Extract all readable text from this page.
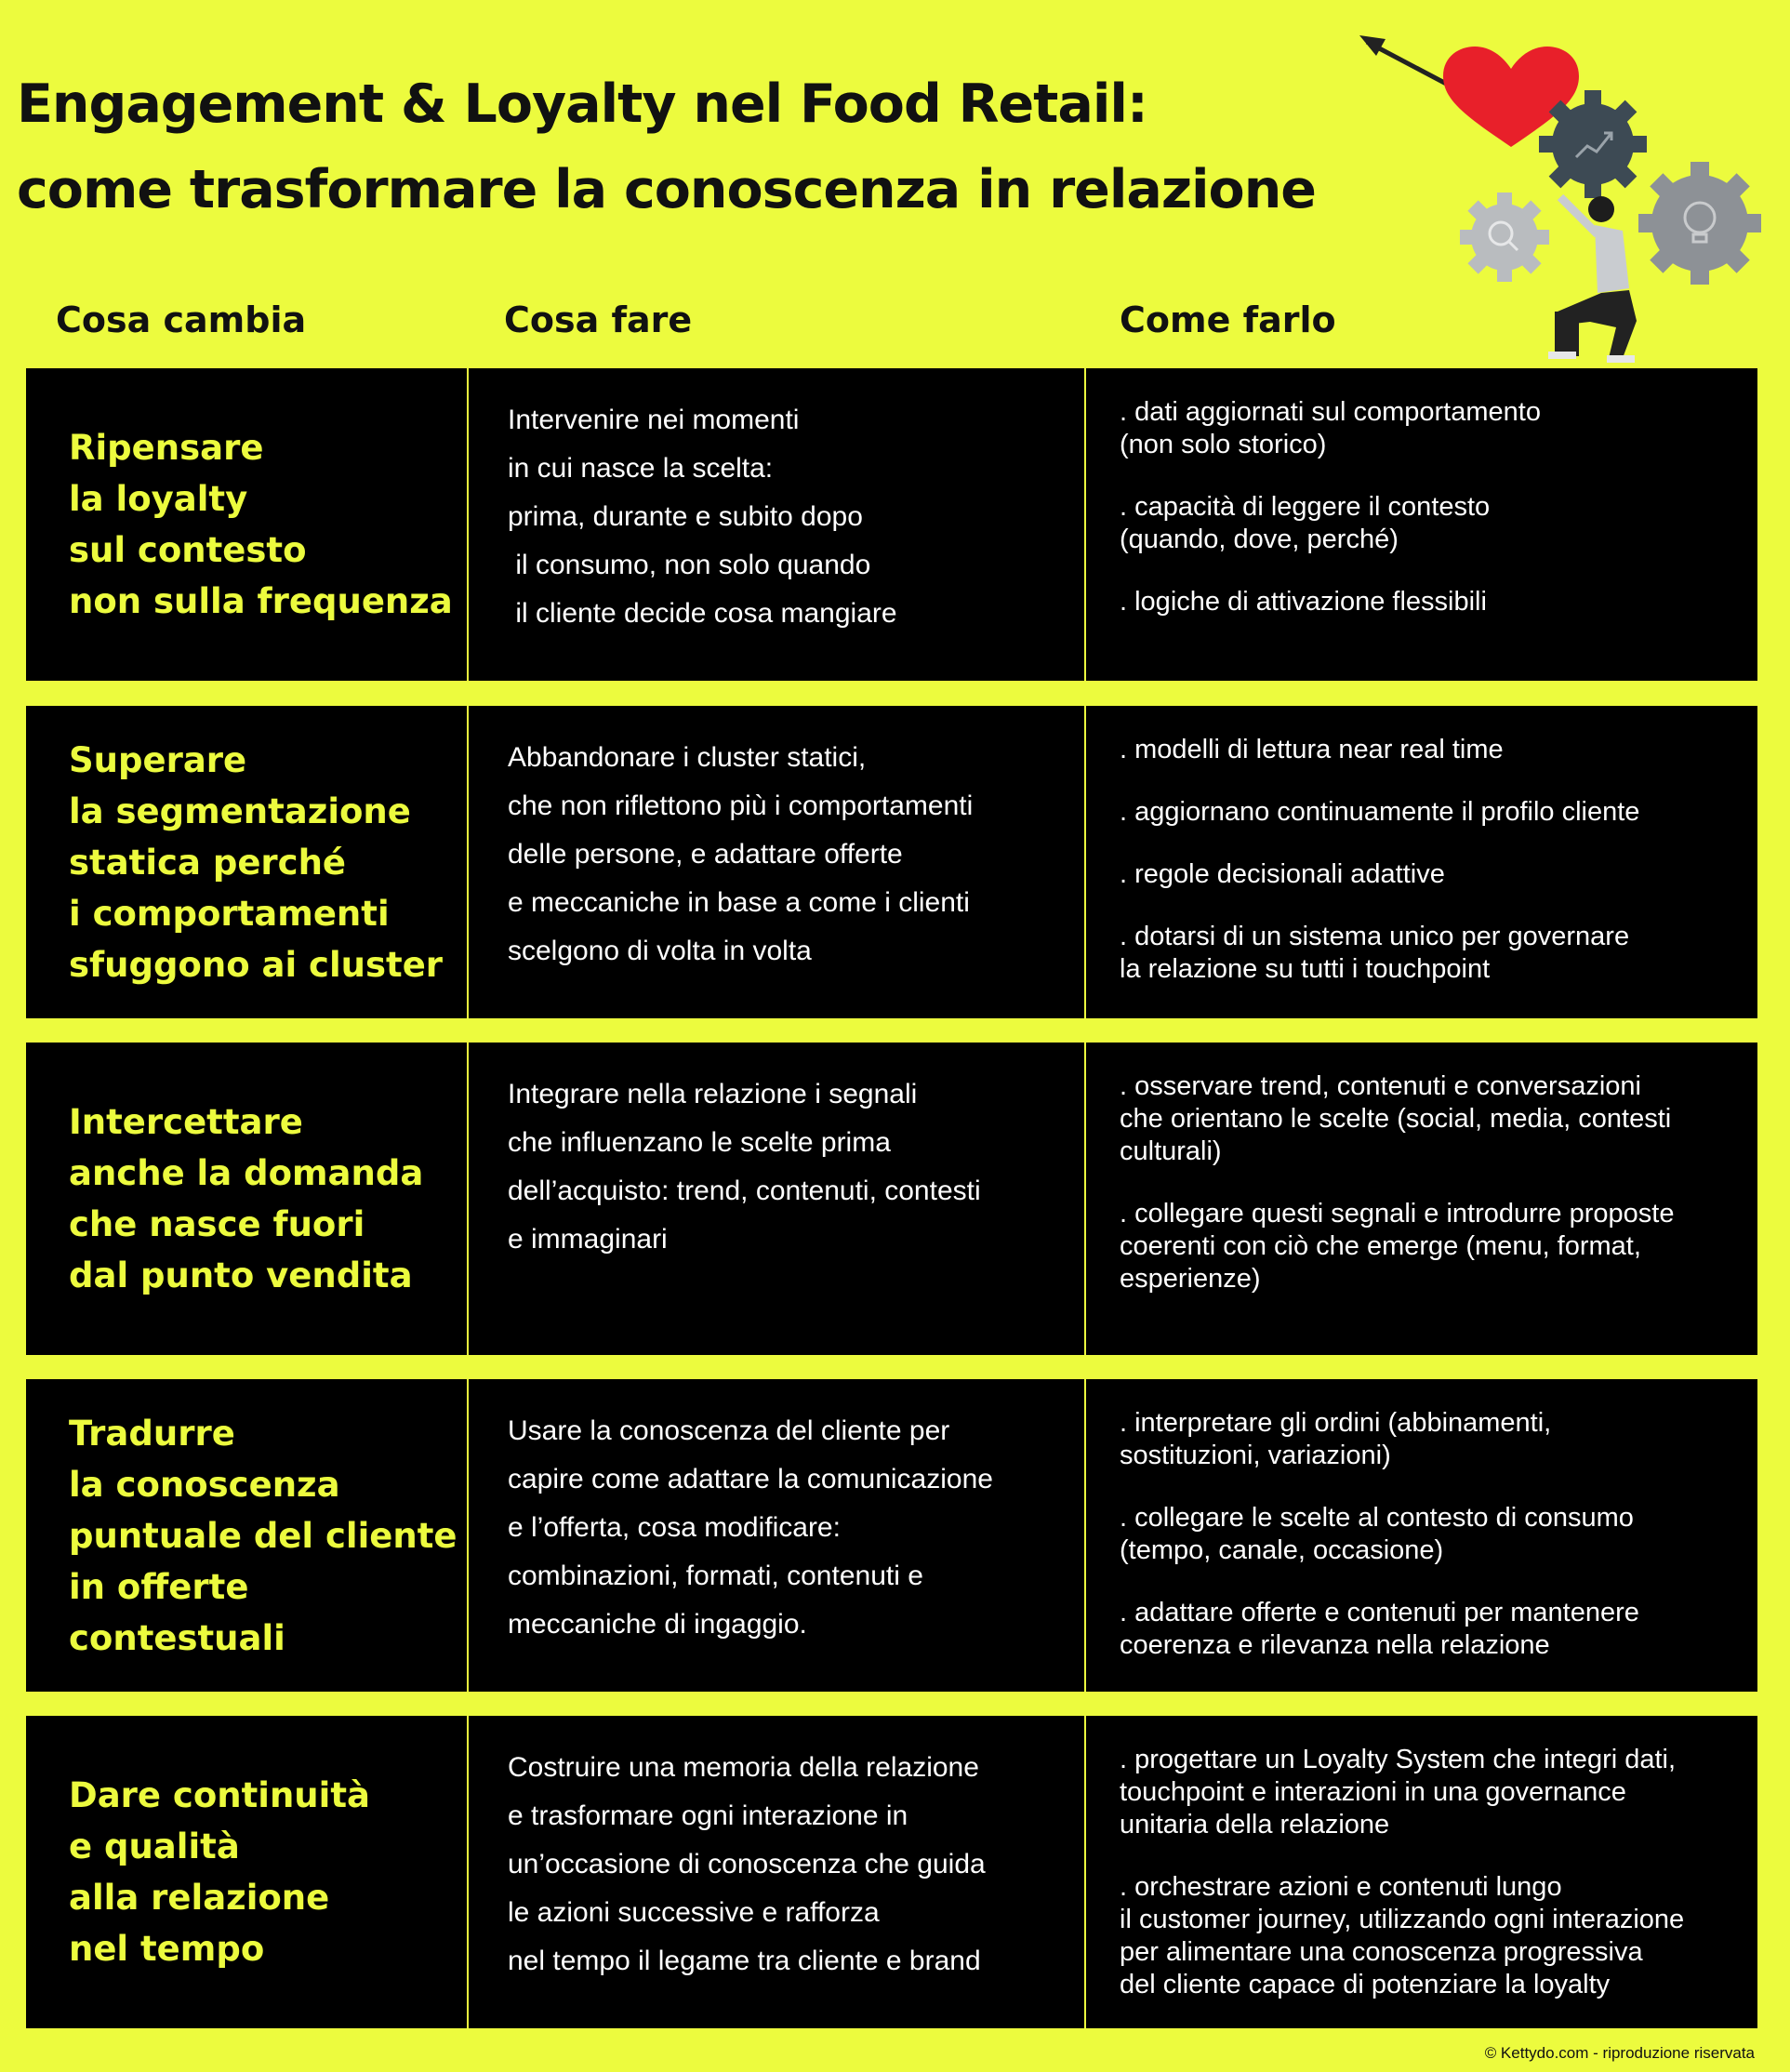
Engagement & Loyalty nel Food Retail:
come trasformare la conoscenza in relazione
Cosa cambia	Cosa fare	Come farlo

Ripensare
la loyalty
sul contesto
non sulla frequenza

Intervenire nei momenti
in cui nasce la scelta:
prima, durante e subito dopo
il consumo, non solo quando
il cliente decide cosa mangiare

. dati aggiornati sul comportamento
(non solo storico)

. capacità di leggere il contesto
(quando, dove, perché)

. logiche di attivazione flessibili

Superare
la segmentazione
statica perché
i comportamenti
sfuggono ai cluster

Abbandonare i cluster statici,
che non riflettono più i comportamenti
delle persone, e adattare offerte
e meccaniche in base a come i clienti
scelgono di volta in volta

. modelli di lettura near real time

. aggiornano continuamente il profilo cliente

. regole decisionali adattive

. dotarsi di un sistema unico per governare
la relazione su tutti i touchpoint

Intercettare
anche la domanda
che nasce fuori
dal punto vendita

Integrare nella relazione i segnali
che influenzano le scelte prima
dell’acquisto: trend, contenuti, contesti
e immaginari

. osservare trend, contenuti e conversazioni
che orientano le scelte (social, media, contesti
culturali)

. collegare questi segnali e introdurre proposte
coerenti con ciò che emerge (menu, format,
esperienze)

Tradurre
la conoscenza
puntuale del cliente
in offerte
contestuali

Usare la conoscenza del cliente per
capire come adattare la comunicazione
e l’offerta, cosa modificare:
combinazioni, formati, contenuti e
meccaniche di ingaggio.

. interpretare gli ordini (abbinamenti,
sostituzioni, variazioni)

. collegare le scelte al contesto di consumo
(tempo, canale, occasione)

. adattare offerte e contenuti per mantenere
coerenza e rilevanza nella relazione

Dare continuità
e qualità
alla relazione
nel tempo

Costruire una memoria della relazione
e trasformare ogni interazione in
un’occasione di conoscenza che guida
le azioni successive e rafforza
nel tempo il legame tra cliente e brand

. progettare un Loyalty System che integri dati,
touchpoint e interazioni in una governance
unitaria della relazione

. orchestrare azioni e contenuti lungo
il customer journey, utilizzando ogni interazione
per alimentare una conoscenza progressiva
del cliente capace di potenziare la loyalty

© Kettydo.com - riproduzione riservata
